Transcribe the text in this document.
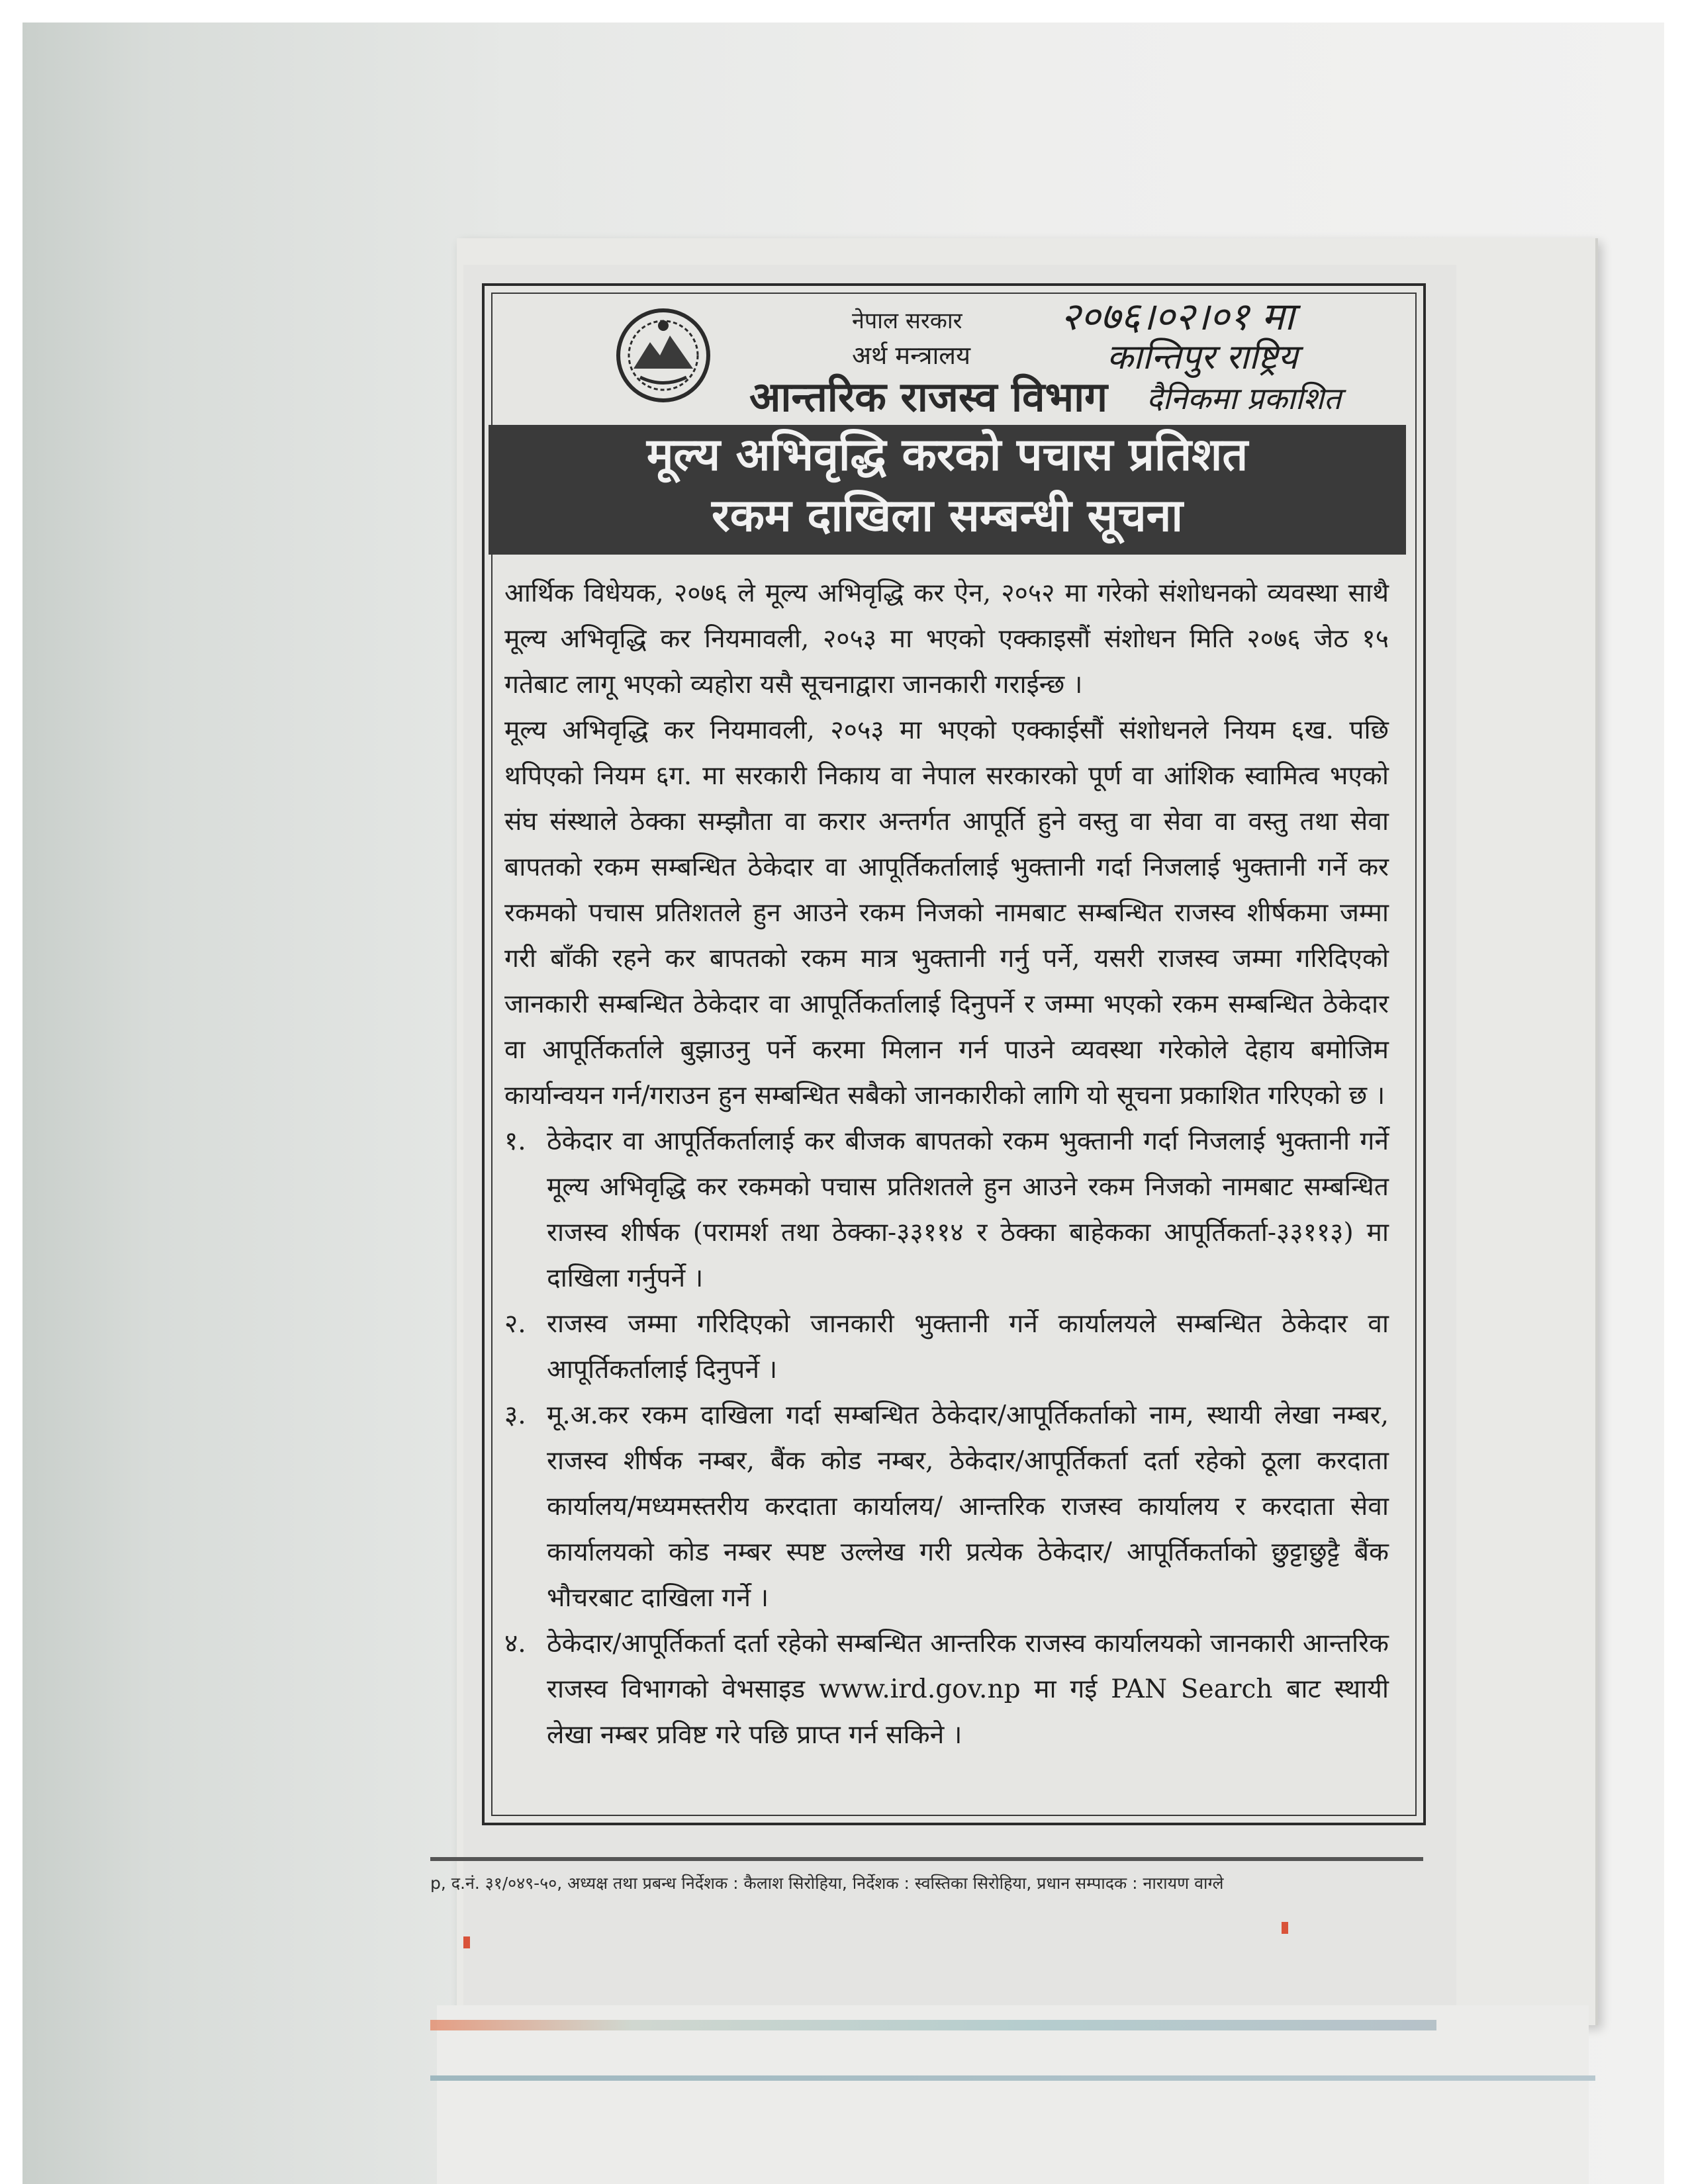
नेपाल सरकार
अर्थ मन्त्रालय
आन्तरिक राजस्व विभाग
२०७६।०२।०१ मा
कान्तिपुर राष्ट्रिय
दैनिकमा प्रकाशित
मूल्य अभिवृद्धि करको पचास प्रतिशत
रकम दाखिला सम्बन्धी सूचना

आर्थिक विधेयक, २०७६ ले मूल्य अभिवृद्धि कर ऐन, २०५२ मा गरेको संशोधनको व्यवस्था साथै मूल्य अभिवृद्धि कर नियमावली, २०५३ मा भएको एक्काइसौं संशोधन मिति २०७६ जेठ १५ गतेबाट लागू भएको व्यहोरा यसै सूचनाद्वारा जानकारी गराईन्छ ।

मूल्य अभिवृद्धि कर नियमावली, २०५३ मा भएको एक्काईसौं संशोधनले नियम ६ख. पछि थपिएको नियम ६ग. मा सरकारी निकाय वा नेपाल सरकारको पूर्ण वा आंशिक स्वामित्व भएको संघ संस्थाले ठेक्का सम्झौता वा करार अन्तर्गत आपूर्ति हुने वस्तु वा सेवा वा वस्तु तथा सेवा बापतको रकम सम्बन्धित ठेकेदार वा आपूर्तिकर्तालाई भुक्तानी गर्दा निजलाई भुक्तानी गर्ने कर रकमको पचास प्रतिशतले हुन आउने रकम निजको नामबाट सम्बन्धित राजस्व शीर्षकमा जम्मा गरी बाँकी रहने कर बापतको रकम मात्र भुक्तानी गर्नु पर्ने, यसरी राजस्व जम्मा गरिदिएको जानकारी सम्बन्धित ठेकेदार वा आपूर्तिकर्तालाई दिनुपर्ने र जम्मा भएको रकम सम्बन्धित ठेकेदार वा आपूर्तिकर्ताले बुझाउनु पर्ने करमा मिलान गर्न पाउने व्यवस्था गरेकोले देहाय बमोजिम कार्यान्वयन गर्न/गराउन हुन सम्बन्धित सबैको जानकारीको लागि यो सूचना प्रकाशित गरिएको छ ।

१. ठेकेदार वा आपूर्तिकर्तालाई कर बीजक बापतको रकम भुक्तानी गर्दा निजलाई भुक्तानी गर्ने मूल्य अभिवृद्धि कर रकमको पचास प्रतिशतले हुन आउने रकम निजको नामबाट सम्बन्धित राजस्व शीर्षक (परामर्श तथा ठेक्का-३३११४ र ठेक्का बाहेकका आपूर्तिकर्ता-३३११३) मा दाखिला गर्नुपर्ने ।
२. राजस्व जम्मा गरिदिएको जानकारी भुक्तानी गर्ने कार्यालयले सम्बन्धित ठेकेदार वा आपूर्तिकर्तालाई दिनुपर्ने ।
३. मू.अ.कर रकम दाखिला गर्दा सम्बन्धित ठेकेदार/आपूर्तिकर्ताको नाम, स्थायी लेखा नम्बर, राजस्व शीर्षक नम्बर, बैंक कोड नम्बर, ठेकेदार/आपूर्तिकर्ता दर्ता रहेको ठूला करदाता कार्यालय/मध्यमस्तरीय करदाता कार्यालय/ आन्तरिक राजस्व कार्यालय र करदाता सेवा कार्यालयको कोड नम्बर स्पष्ट उल्लेख गरी प्रत्येक ठेकेदार/ आपूर्तिकर्ताको छुट्टाछुट्टै बैंक भौचरबाट दाखिला गर्ने ।
४. ठेकेदार/आपूर्तिकर्ता दर्ता रहेको सम्बन्धित आन्तरिक राजस्व कार्यालयको जानकारी आन्तरिक राजस्व विभागको वेभसाइड www.ird.gov.np मा गई PAN Search बाट स्थायी लेखा नम्बर प्रविष्ट गरे पछि प्राप्त गर्न सकिने ।
p, द.नं. ३१/०४९-५०, अध्यक्ष तथा प्रबन्ध निर्देशक : कैलाश सिरोहिया, निर्देशक : स्वस्तिका सिरोहिया, प्रधान सम्पादक : नारायण वाग्ले
